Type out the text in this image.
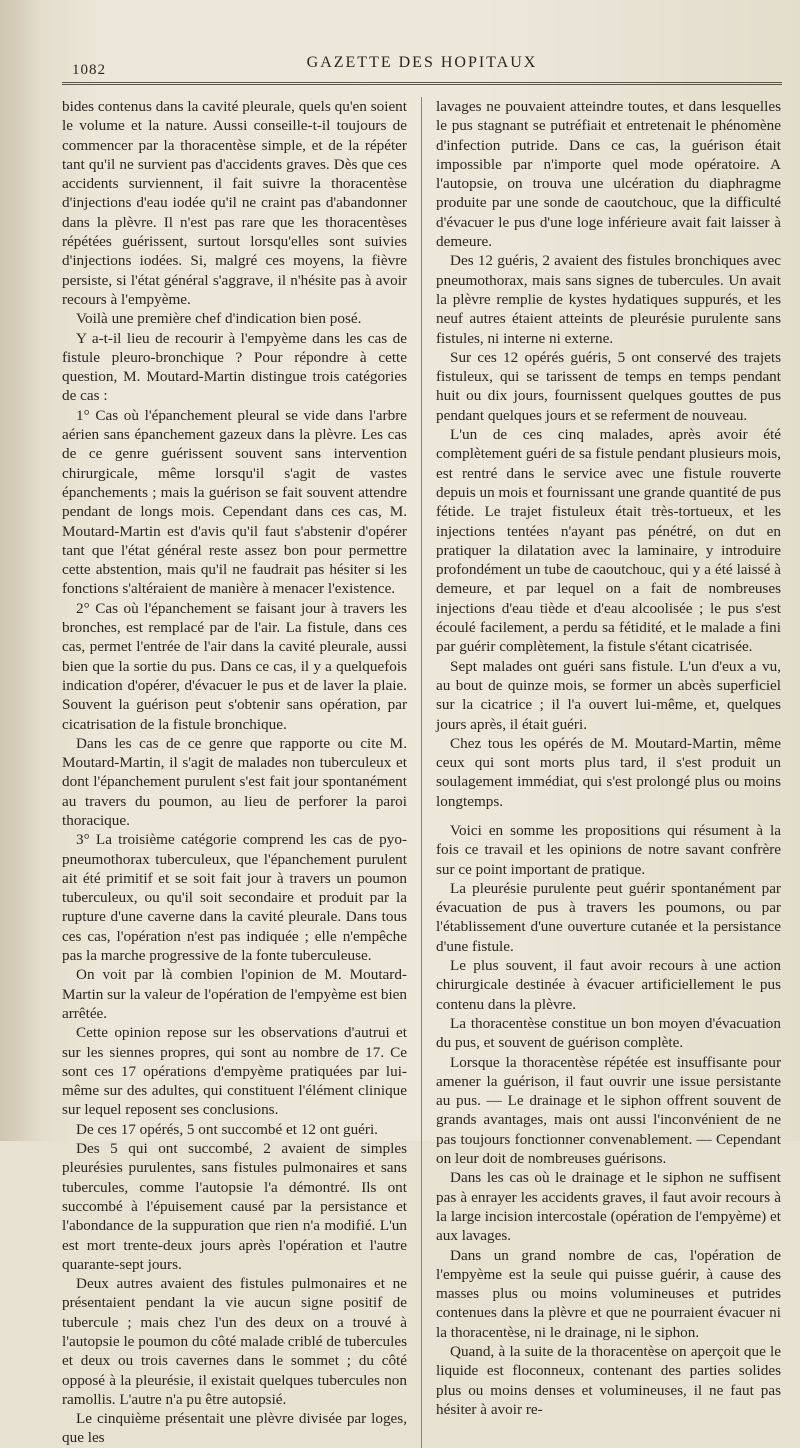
1082	GAZETTE DES HOPITAUX

bides contenus dans la cavité pleurale, quels qu'en soient le volume et la nature. Aussi conseille-t-il toujours de commencer par la thoracentèse simple, et de la répéter tant qu'il ne survient pas d'accidents graves. Dès que ces accidents surviennent, il fait suivre la thoracentèse d'injections d'eau iodée qu'il ne craint pas d'abandonner dans la plèvre. Il n'est pas rare que les thoracentèses répétées guérissent, surtout lorsqu'elles sont suivies d'injections iodées. Si, malgré ces moyens, la fièvre persiste, si l'état général s'aggrave, il n'hésite pas à avoir recours à l'empyème.

Voilà une première chef d'indication bien posé.

Y a-t-il lieu de recourir à l'empyème dans les cas de fistule pleuro-bronchique ? Pour répondre à cette question, M. Moutard-Martin distingue trois catégories de cas :

1° Cas où l'épanchement pleural se vide dans l'arbre aérien sans épanchement gazeux dans la plèvre. Les cas de ce genre guérissent souvent sans intervention chirurgicale, même lorsqu'il s'agit de vastes épanchements ; mais la guérison se fait souvent attendre pendant de longs mois. Cependant dans ces cas, M. Moutard-Martin est d'avis qu'il faut s'abstenir d'opérer tant que l'état général reste assez bon pour permettre cette abstention, mais qu'il ne faudrait pas hésiter si les fonctions s'altéraient de manière à menacer l'existence.

2° Cas où l'épanchement se faisant jour à travers les bronches, est remplacé par de l'air. La fistule, dans ces cas, permet l'entrée de l'air dans la cavité pleurale, aussi bien que la sortie du pus. Dans ce cas, il y a quelquefois indication d'opérer, d'évacuer le pus et de laver la plaie. Souvent la guérison peut s'obtenir sans opération, par cicatrisation de la fistule bronchique.

Dans les cas de ce genre que rapporte ou cite M. Moutard-Martin, il s'agit de malades non tuberculeux et dont l'épanchement purulent s'est fait jour spontanément au travers du poumon, au lieu de perforer la paroi thoracique.

3° La troisième catégorie comprend les cas de pyo-pneumothorax tuberculeux, que l'épanchement purulent ait été primitif et se soit fait jour à travers un poumon tuberculeux, ou qu'il soit secondaire et produit par la rupture d'une caverne dans la cavité pleurale. Dans tous ces cas, l'opération n'est pas indiquée ; elle n'empêche pas la marche progressive de la fonte tuberculeuse.

On voit par là combien l'opinion de M. Moutard-Martin sur la valeur de l'opération de l'empyème est bien arrêtée.

Cette opinion repose sur les observations d'autrui et sur les siennes propres, qui sont au nombre de 17. Ce sont ces 17 opérations d'empyème pratiquées par lui-même sur des adultes, qui constituent l'élément clinique sur lequel reposent ses conclusions.

De ces 17 opérés, 5 ont succombé et 12 ont guéri.

Des 5 qui ont succombé, 2 avaient de simples pleurésies purulentes, sans fistules pulmonaires et sans tubercules, comme l'autopsie l'a démontré. Ils ont succombé à l'épuisement causé par la persistance et l'abondance de la suppuration que rien n'a modifié. L'un est mort trente-deux jours après l'opération et l'autre quarante-sept jours.

Deux autres avaient des fistules pulmonaires et ne présentaient pendant la vie aucun signe positif de tubercule ; mais chez l'un des deux on a trouvé à l'autopsie le poumon du côté malade criblé de tubercules et deux ou trois cavernes dans le sommet ; du côté opposé à la pleurésie, il existait quelques tubercules non ramollis. L'autre n'a pu être autopsié.

Le cinquième présentait une plèvre divisée par loges, que les

lavages ne pouvaient atteindre toutes, et dans lesquelles le pus stagnant se putréfiait et entretenait le phénomène d'infection putride. Dans ce cas, la guérison était impossible par n'importe quel mode opératoire. A l'autopsie, on trouva une ulcération du diaphragme produite par une sonde de caoutchouc, que la difficulté d'évacuer le pus d'une loge inférieure avait fait laisser à demeure.

Des 12 guéris, 2 avaient des fistules bronchiques avec pneumothorax, mais sans signes de tubercules. Un avait la plèvre remplie de kystes hydatiques suppurés, et les neuf autres étaient atteints de pleurésie purulente sans fistules, ni interne ni externe.

Sur ces 12 opérés guéris, 5 ont conservé des trajets fistuleux, qui se tarissent de temps en temps pendant huit ou dix jours, fournissent quelques gouttes de pus pendant quelques jours et se referment de nouveau.

L'un de ces cinq malades, après avoir été complètement guéri de sa fistule pendant plusieurs mois, est rentré dans le service avec une fistule rouverte depuis un mois et fournissant une grande quantité de pus fétide. Le trajet fistuleux était très-tortueux, et les injections tentées n'ayant pas pénétré, on dut en pratiquer la dilatation avec la laminaire, y introduire profondément un tube de caoutchouc, qui y a été laissé à demeure, et par lequel on a fait de nombreuses injections d'eau tiède et d'eau alcoolisée ; le pus s'est écoulé facilement, a perdu sa fétidité, et le malade a fini par guérir complètement, la fistule s'étant cicatrisée.

Sept malades ont guéri sans fistule. L'un d'eux a vu, au bout de quinze mois, se former un abcès superficiel sur la cicatrice ; il l'a ouvert lui-même, et, quelques jours après, il était guéri.

Chez tous les opérés de M. Moutard-Martin, même ceux qui sont morts plus tard, il s'est produit un soulagement immédiat, qui s'est prolongé plus ou moins longtemps.

Voici en somme les propositions qui résument à la fois ce travail et les opinions de notre savant confrère sur ce point important de pratique.

La pleurésie purulente peut guérir spontanément par évacuation de pus à travers les poumons, ou par l'établissement d'une ouverture cutanée et la persistance d'une fistule.

Le plus souvent, il faut avoir recours à une action chirurgicale destinée à évacuer artificiellement le pus contenu dans la plèvre.

La thoracentèse constitue un bon moyen d'évacuation du pus, et souvent de guérison complète.

Lorsque la thoracentèse répétée est insuffisante pour amener la guérison, il faut ouvrir une issue persistante au pus. — Le drainage et le siphon offrent souvent de grands avantages, mais ont aussi l'inconvénient de ne pas toujours fonctionner convenablement. — Cependant on leur doit de nombreuses guérisons.

Dans les cas où le drainage et le siphon ne suffisent pas à enrayer les accidents graves, il faut avoir recours à la large incision intercostale (opération de l'empyème) et aux lavages.

Dans un grand nombre de cas, l'opération de l'empyème est la seule qui puisse guérir, à cause des masses plus ou moins volumineuses et putrides contenues dans la plèvre et que ne pourraient évacuer ni la thoracentèse, ni le drainage, ni le siphon.

Quand, à la suite de la thoracentèse on aperçoit que le liquide est floconneux, contenant des parties solides plus ou moins denses et volumineuses, il ne faut pas hésiter à avoir re-
